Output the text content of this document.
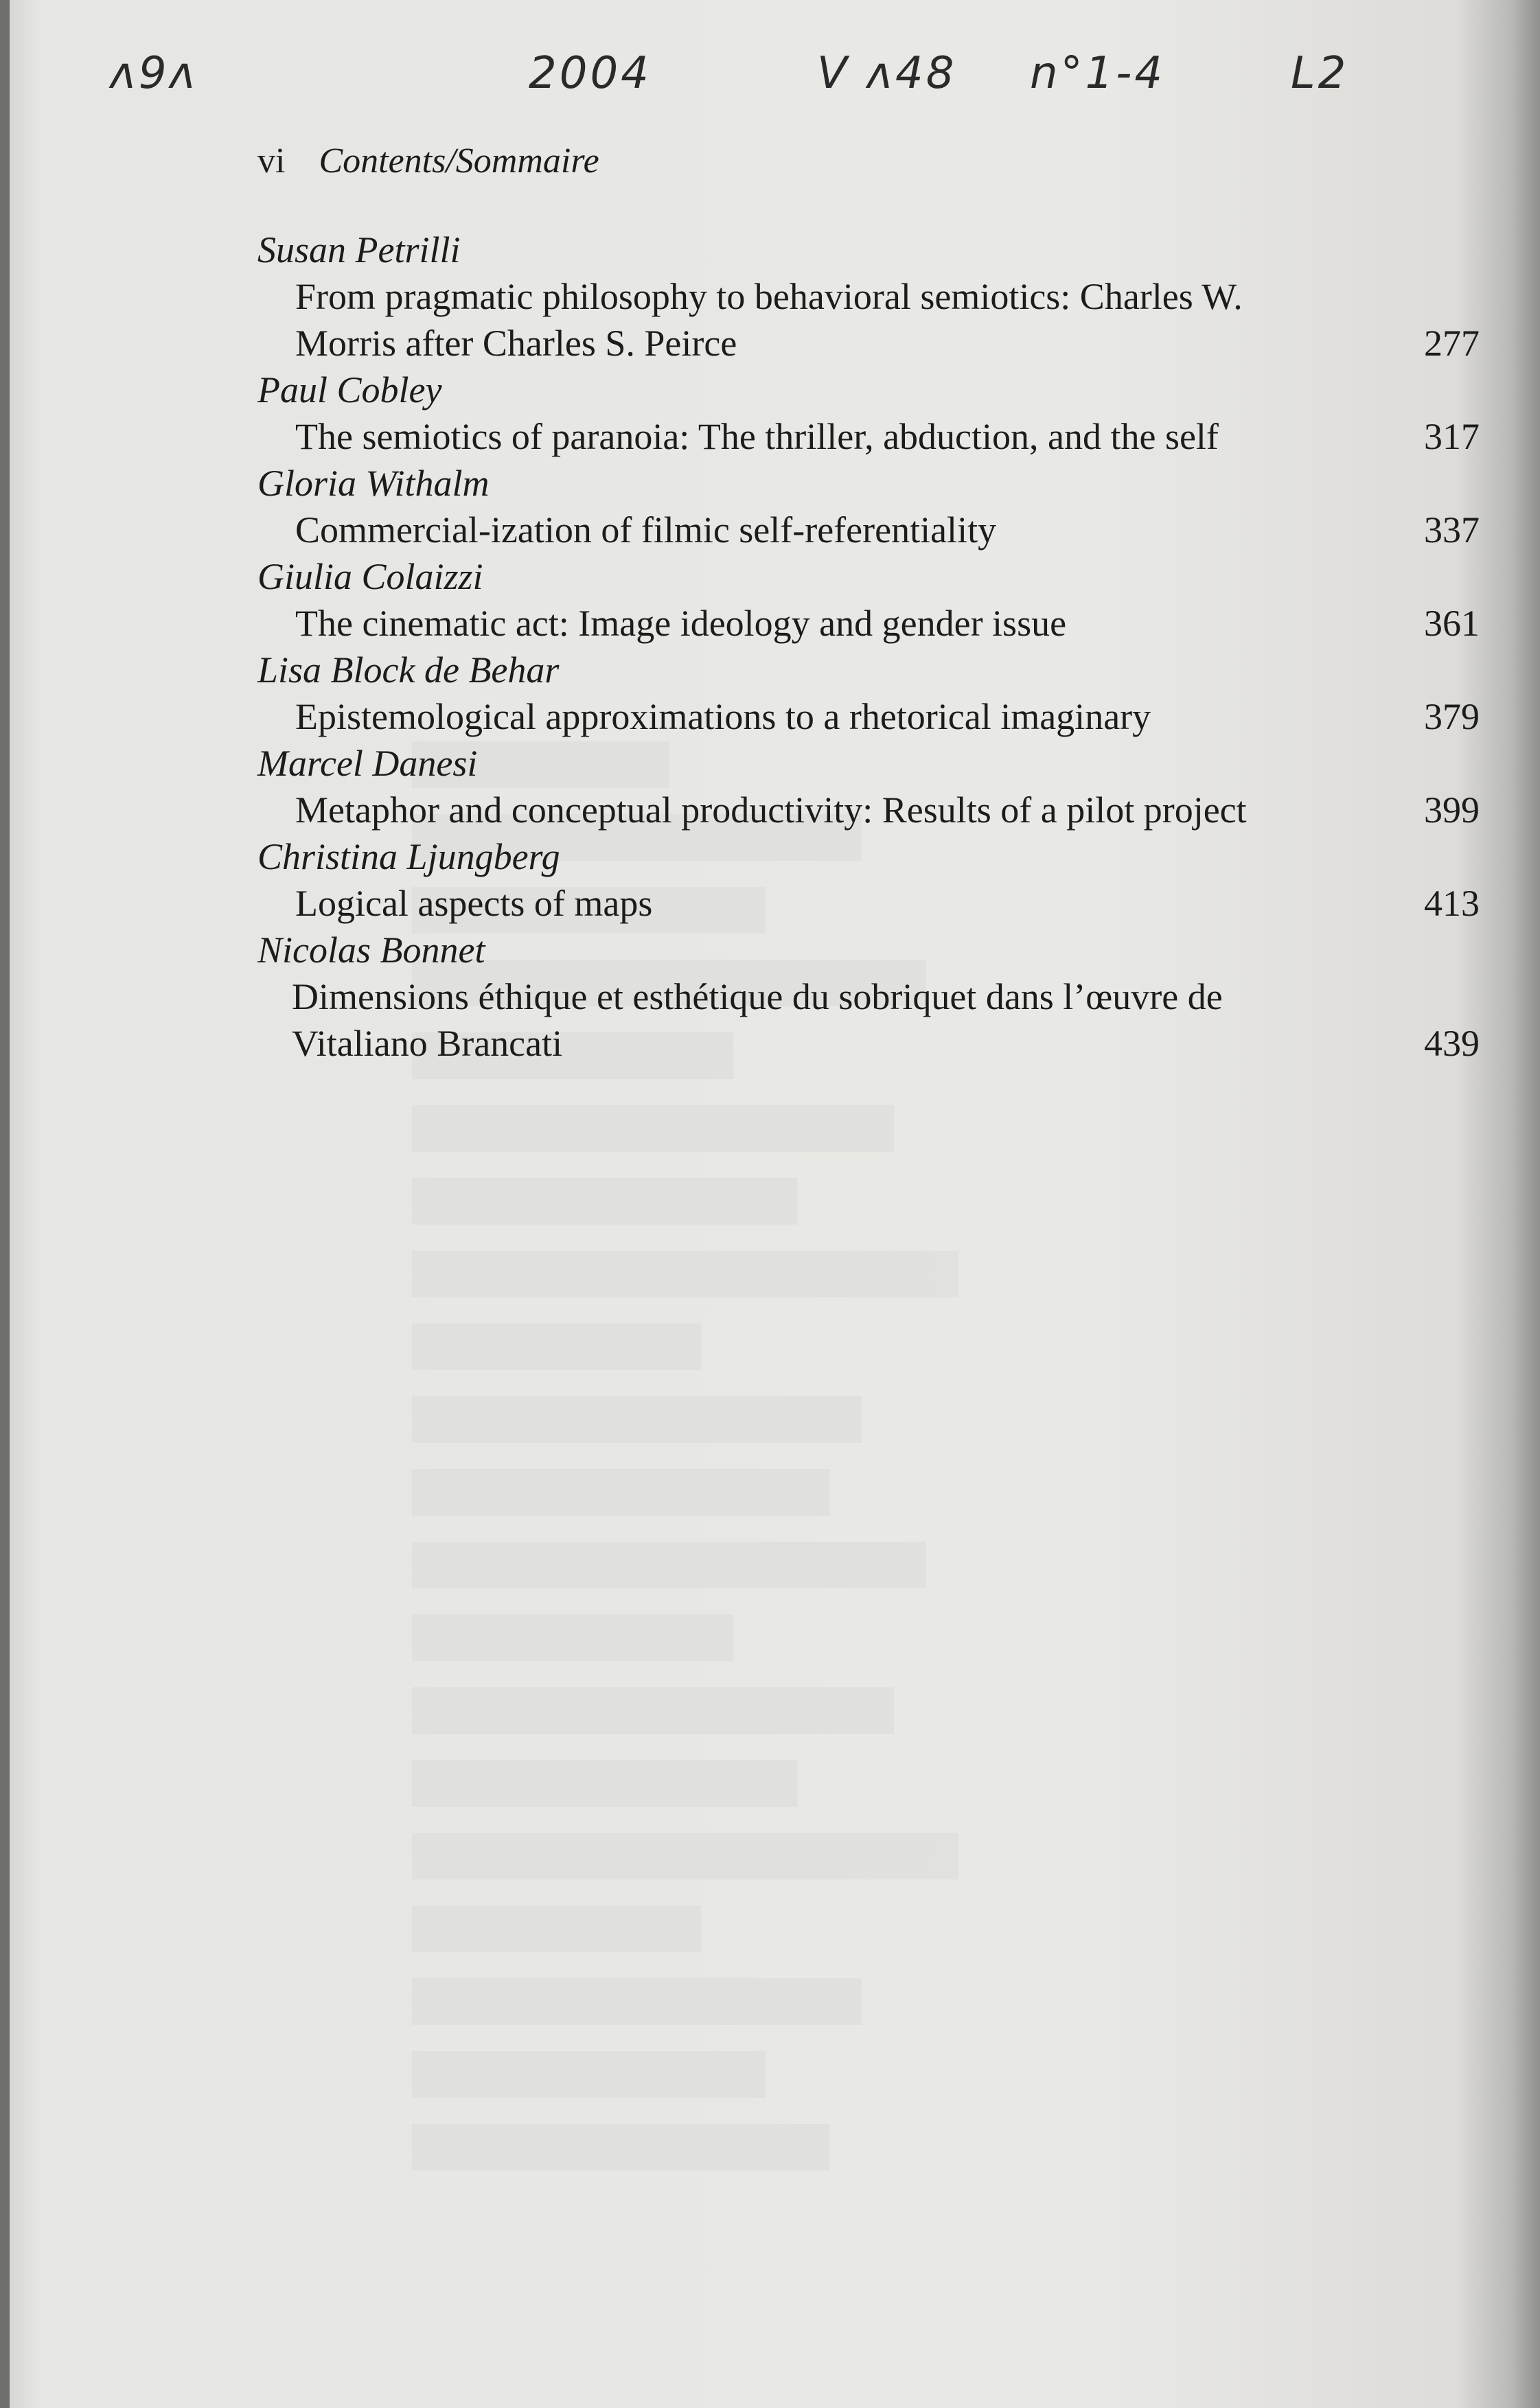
ʌ9ʌ	2004	V ʌ48 n°1-4	L2
vi Contents/Sommaire

Susan Petrilli

From pragmatic philosophy to behavioral semiotics: Charles W. Morris after Charles S. Peirce	277

Paul Cobley

The semiotics of paranoia: The thriller, abduction, and the self	317

Gloria Withalm

Commercial-ization of filmic self-referentiality	337

Giulia Colaizzi

The cinematic act: Image ideology and gender issue	361

Lisa Block de Behar

Epistemological approximations to a rhetorical imaginary	379

Marcel Danesi

Metaphor and conceptual productivity: Results of a pilot project	399

Christina Ljungberg

Logical aspects of maps	413

Nicolas Bonnet

Dimensions éthique et esthétique du sobriquet dans l’œuvre de Vitaliano Brancati	439
